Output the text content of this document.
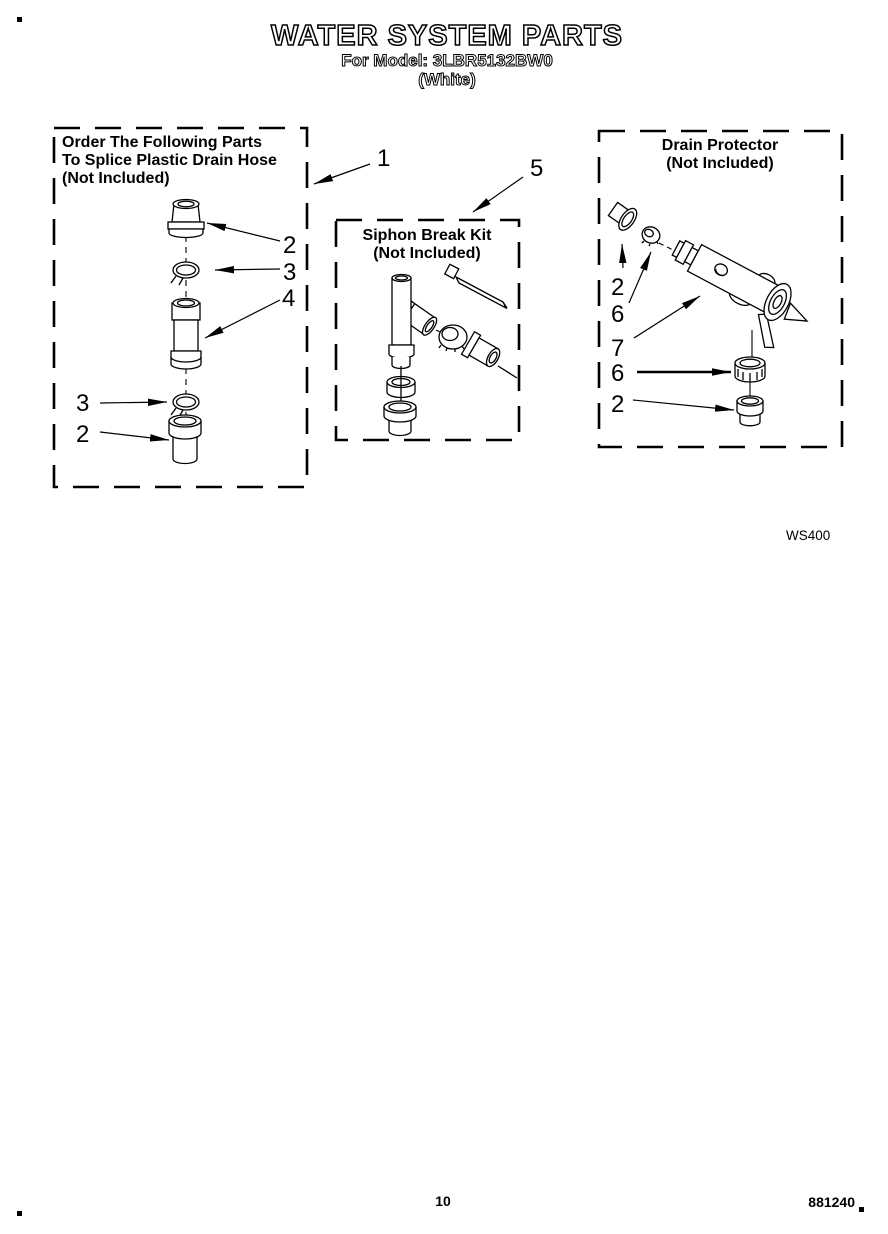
WATER SYSTEM PARTS
For Model: 3LBR5132BW0
(White)
Order The Following Parts
To Splice Plastic Drain Hose
(Not Included)
Siphon Break Kit
(Not Included)
Drain Protector
(Not Included)
1	5
2
3
4
3
2
2
6
7
6
2
WS400
10	881240
